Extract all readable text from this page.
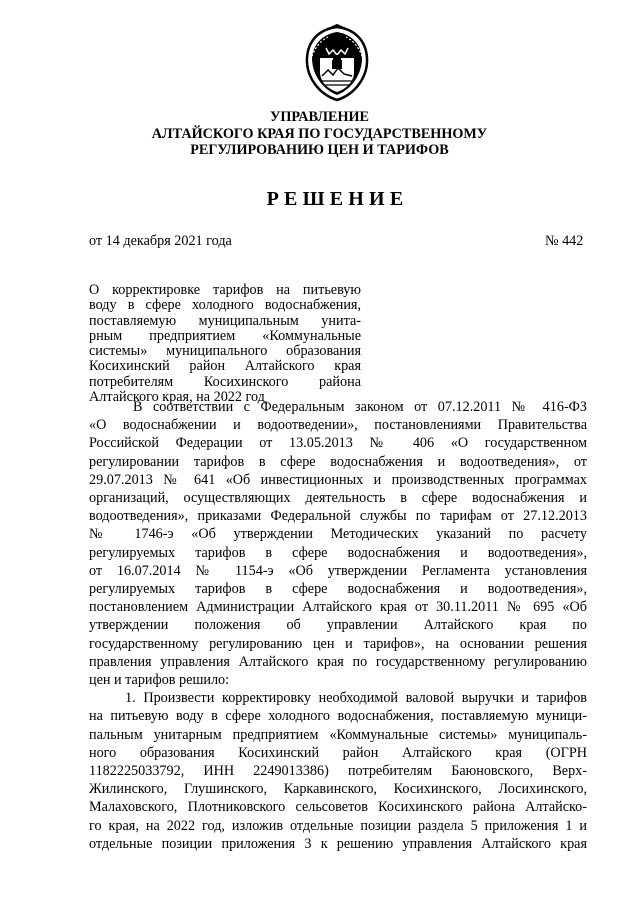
УПРАВЛЕНИЕ
АЛТАЙСКОГО КРАЯ ПО ГОСУДАРСТВЕННОМУ
РЕГУЛИРОВАНИЮ ЦЕН И ТАРИФОВ
РЕШЕНИЕ
от 14 декабря 2021 года	№ 442
О корректировке тарифов на питьевую
воду в сфере холодного водоснабжения,
поставляемую муниципальным унита-
рным предприятием «Коммунальные
системы» муниципального образования
Косихинский район Алтайского края
потребителям Косихинского района
Алтайского края, на 2022 год
В соответствии с Федеральным законом от 07.12.2011 № 416-ФЗ
«О водоснабжении и водоотведении», постановлениями Правительства
Российской Федерации от 13.05.2013 № 406 «О государственном
регулировании тарифов в сфере водоснабжения и водоотведения», от
29.07.2013 № 641 «Об инвестиционных и производственных программах
организаций, осуществляющих деятельность в сфере водоснабжения и
водоотведения», приказами Федеральной службы по тарифам от 27.12.2013
№ 1746-э «Об утверждении Методических указаний по расчету
регулируемых тарифов в сфере водоснабжения и водоотведения»,
от 16.07.2014 № 1154-э «Об утверждении Регламента установления
регулируемых тарифов в сфере водоснабжения и водоотведения»,
постановлением Администрации Алтайского края от 30.11.2011 № 695 «Об
утверждении положения об управлении Алтайского края по
государственному регулированию цен и тарифов», на основании решения
правления управления Алтайского края по государственному регулированию
цен и тарифов решило:
1. Произвести корректировку необходимой валовой выручки и тарифов
на питьевую воду в сфере холодного водоснабжения, поставляемую муници-
пальным унитарным предприятием «Коммунальные системы» муниципаль-
ного образования Косихинский район Алтайского края (ОГРН
1182225033792, ИНН 2249013386) потребителям Баюновского, Верх-
Жилинского, Глушинского, Каркавинского, Косихинского, Лосихинского,
Малаховского, Плотниковского сельсоветов Косихинского района Алтайско-
го края, на 2022 год, изложив отдельные позиции раздела 5 приложения 1 и
отдельные позиции приложения 3 к решению управления Алтайского края
